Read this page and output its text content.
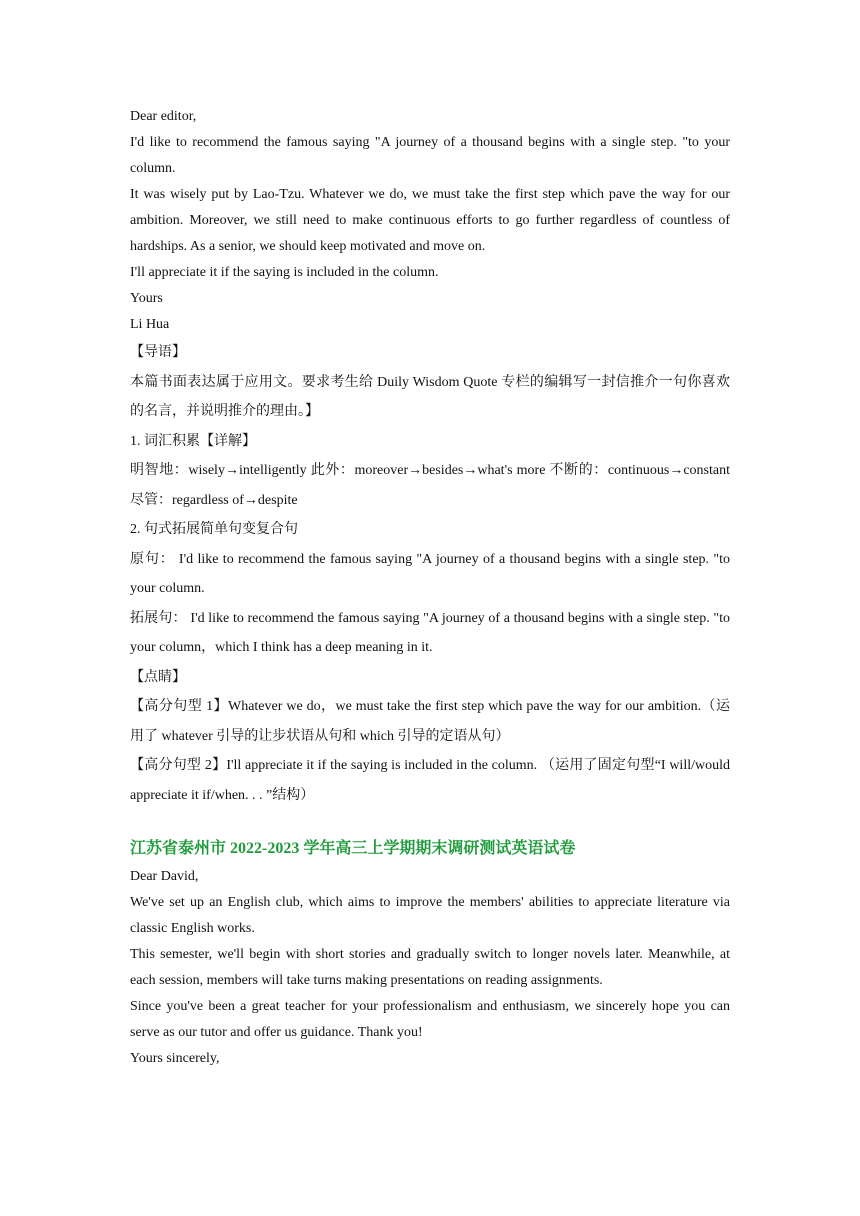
Dear editor,

I'd like to recommend the famous saying "A journey of a thousand begins with a single step. "to your column.

It was wisely put by Lao-Tzu. Whatever we do, we must take the first step which pave the way for our ambition. Moreover, we still need to make continuous efforts to go further regardless of countless of hardships. As a senior, we should keep motivated and move on.

I'll appreciate it if the saying is included in the column.

Yours

Li Hua

【导语】

本篇书面表达属于应用文。要求考生给 Duily Wisdom Quote 专栏的编辑写一封信推介一句你喜欢的名言，并说明推介的理由。】

1. 词汇积累【详解】

明智地：wisely→intelligently 此外：moreover→besides→what's more 不断的：continuous→constant 尽管：regardless of→despite

2. 句式拓展简单句变复合句

原句： I'd like to recommend the famous saying "A journey of a thousand begins with a single step. "to your column.

拓展句： I'd like to recommend the famous saying "A journey of a thousand begins with a single step. "to your column，which I think has a deep meaning in it.

【点睛】

【高分句型 1】Whatever we do，we must take the first step which pave the way for our ambition.（运用了 whatever 引导的让步状语从句和 which 引导的定语从句）

【高分句型 2】I'll appreciate it if the saying is included in the column. （运用了固定句型“I will/would appreciate it if/when. . . ”结构）

江苏省泰州市 2022-2023 学年高三上学期期末调研测试英语试卷

Dear David,

We've set up an English club, which aims to improve the members' abilities to appreciate literature via classic English works.

This semester, we'll begin with short stories and gradually switch to longer novels later. Meanwhile, at each session, members will take turns making presentations on reading assignments.

Since you've been a great teacher for your professionalism and enthusiasm, we sincerely hope you can serve as our tutor and offer us guidance. Thank you!

Yours sincerely,
